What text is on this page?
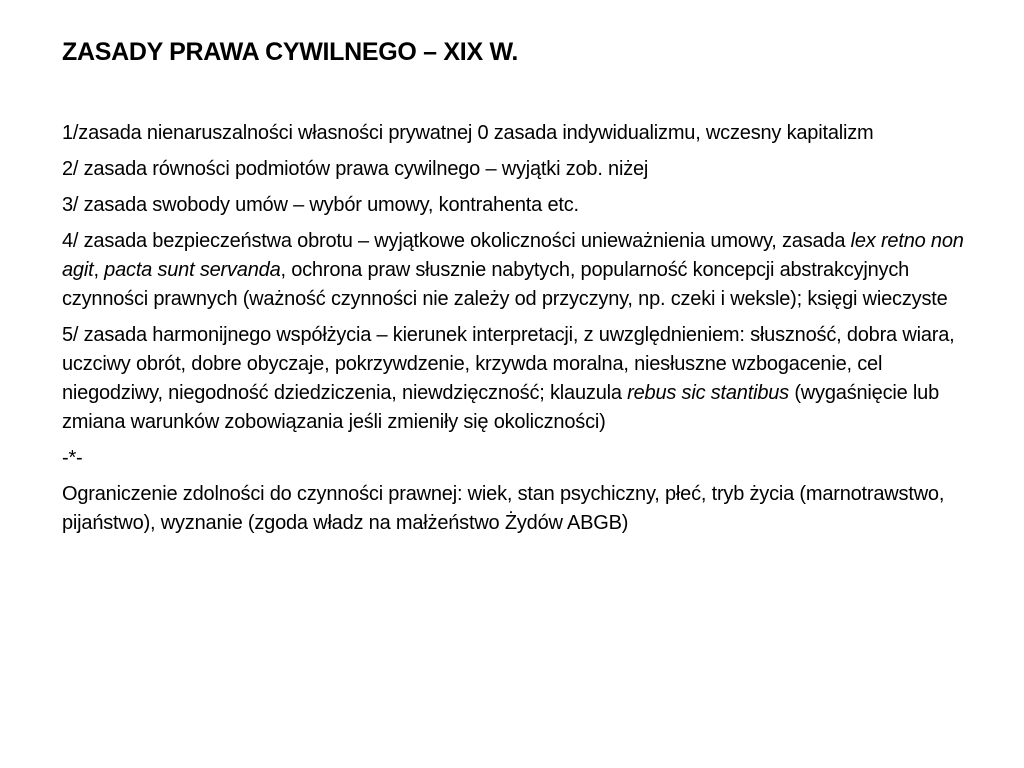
ZASADY PRAWA CYWILNEGO – XIX W.

1/zasada nienaruszalności własności prywatnej 0 zasada indywidualizmu, wczesny kapitalizm

2/ zasada równości podmiotów prawa cywilnego – wyjątki zob. niżej

3/ zasada swobody umów – wybór umowy, kontrahenta etc.

4/ zasada bezpieczeństwa obrotu – wyjątkowe okoliczności unieważnienia umowy, zasada lex retno non agit, pacta sunt servanda, ochrona praw słusznie nabytych, popularność koncepcji abstrakcyjnych czynności prawnych (ważność czynności nie zależy od przyczyny, np. czeki i weksle); księgi wieczyste

5/ zasada harmonijnego współżycia – kierunek interpretacji, z uwzględnieniem: słuszność, dobra wiara, uczciwy obrót, dobre obyczaje, pokrzywdzenie, krzywda moralna, niesłuszne wzbogacenie, cel niegodziwy, niegodność dziedziczenia, niewdzięczność; klauzula rebus sic stantibus (wygaśnięcie lub zmiana warunków zobowiązania jeśli zmieniły się okoliczności)

-*-

Ograniczenie zdolności do czynności prawnej: wiek, stan psychiczny, płeć, tryb życia (marnotrawstwo, pijaństwo), wyznanie (zgoda władz na małżeństwo Żydów ABGB)
